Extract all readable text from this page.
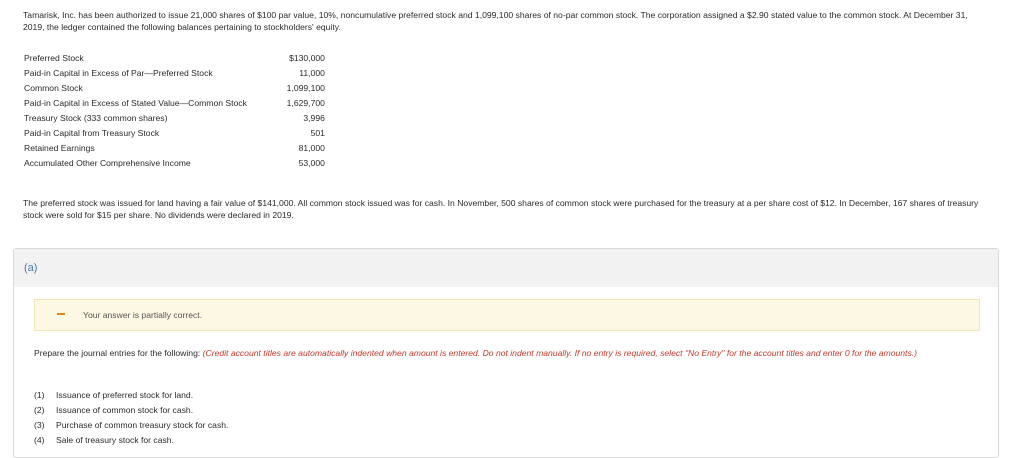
Tamarisk, Inc. has been authorized to issue 21,000 shares of $100 par value, 10%, noncumulative preferred stock and 1,099,100 shares of no-par common stock. The corporation assigned a $2.90 stated value to the common stock. At December 31, 2019, the ledger contained the following balances pertaining to stockholders' equity.
Preferred Stock	$130,000
Paid-in Capital in Excess of Par—Preferred Stock	11,000
Common Stock	1,099,100
Paid-in Capital in Excess of Stated Value—Common Stock	1,629,700
Treasury Stock (333 common shares)	3,996
Paid-in Capital from Treasury Stock	501
Retained Earnings	81,000
Accumulated Other Comprehensive Income	53,000
The preferred stock was issued for land having a fair value of $141,000. All common stock issued was for cash. In November, 500 shares of common stock were purchased for the treasury at a per share cost of $12. In December, 167 shares of treasury stock were sold for $15 per share. No dividends were declared in 2019.
(a)
Your answer is partially correct.
Prepare the journal entries for the following: (Credit account titles are automatically indented when amount is entered. Do not indent manually. If no entry is required, select "No Entry" for the account titles and enter 0 for the amounts.)
(1) Issuance of preferred stock for land.
(2) Issuance of common stock for cash.
(3) Purchase of common treasury stock for cash.
(4) Sale of treasury stock for cash.
